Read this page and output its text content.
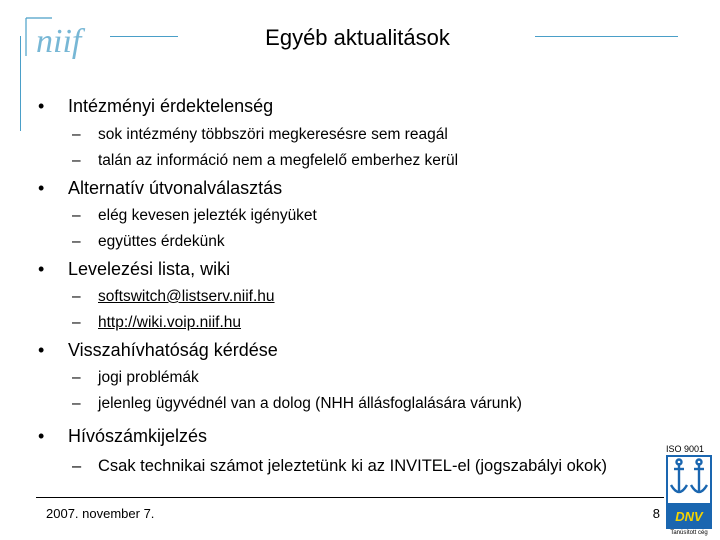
niif	Egyéb aktualitások
• Intézményi érdektelenség
– sok intézmény többszöri megkeresésre sem reagál
– talán az információ nem a megfelelő emberhez kerül
• Alternatív útvonalválasztás
– elég kevesen jelezték igényüket
– együttes érdekünk
• Levelezési lista, wiki
– softswitch@listserv.niif.hu
– http://wiki.voip.niif.hu
• Visszahívhatóság kérdése
– jogi problémák
– jelenleg ügyvédnél van a dolog (NHH állásfoglalására várunk)
• Hívószámkijelzés
– Csak technikai számot jeleztetünk ki az INVITEL-el (jogszabályi okok)
2007. november 7.	8
ISO 9001
DNV
Tanúsított cég
